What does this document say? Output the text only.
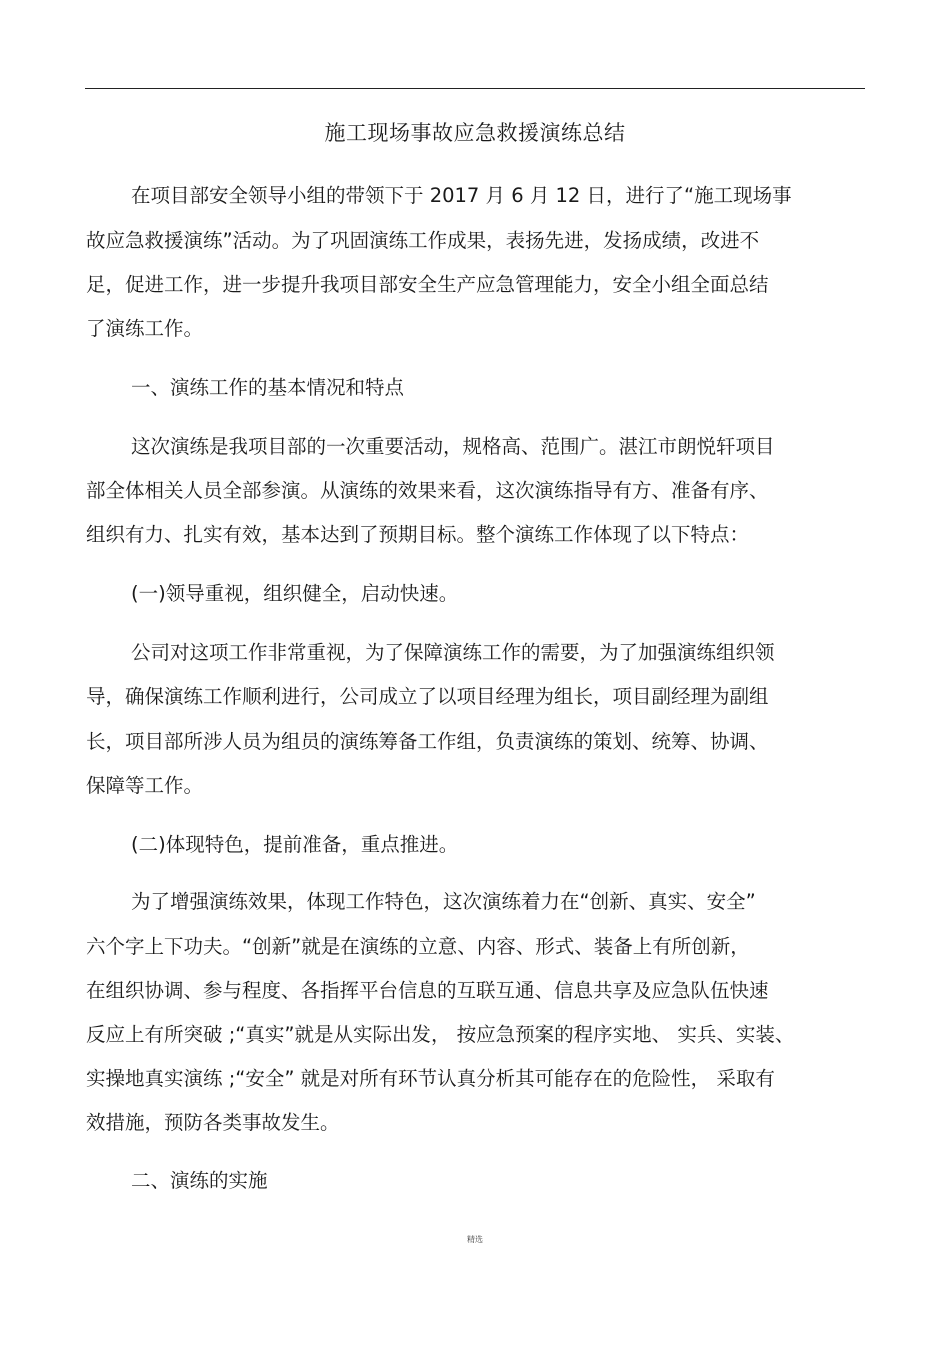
施工现场事故应急救援演练总结
在项目部安全领导小组的带领下于 2017 月 6 月 12 日，进行了“施工现场事
故应急救援演练”活动。为了巩固演练工作成果，表扬先进，发扬成绩，改进不
足，促进工作，进一步提升我项目部安全生产应急管理能力，安全小组全面总结
了演练工作。
一、演练工作的基本情况和特点
这次演练是我项目部的一次重要活动，规格高、范围广。湛江市朗悦轩项目
部全体相关人员全部参演。从演练的效果来看，这次演练指导有方、准备有序、
组织有力、扎实有效，基本达到了预期目标。整个演练工作体现了以下特点：
(一)领导重视，组织健全，启动快速。
公司对这项工作非常重视，为了保障演练工作的需要，为了加强演练组织领
导，确保演练工作顺利进行，公司成立了以项目经理为组长，项目副经理为副组
长，项目部所涉人员为组员的演练筹备工作组，负责演练的策划、统筹、协调、
保障等工作。
(二)体现特色，提前准备，重点推进。
为了增强演练效果，体现工作特色，这次演练着力在“创新、真实、安全”
六个字上下功夫。“创新”就是在演练的立意、内容、形式、装备上有所创新，
在组织协调、参与程度、各指挥平台信息的互联互通、信息共享及应急队伍快速
反应上有所突破 ;“真实”就是从实际出发， 按应急预案的程序实地、 实兵、实装、
实操地真实演练 ;“安全” 就是对所有环节认真分析其可能存在的危险性， 采取有
效措施，预防各类事故发生。
二、演练的实施
精选
